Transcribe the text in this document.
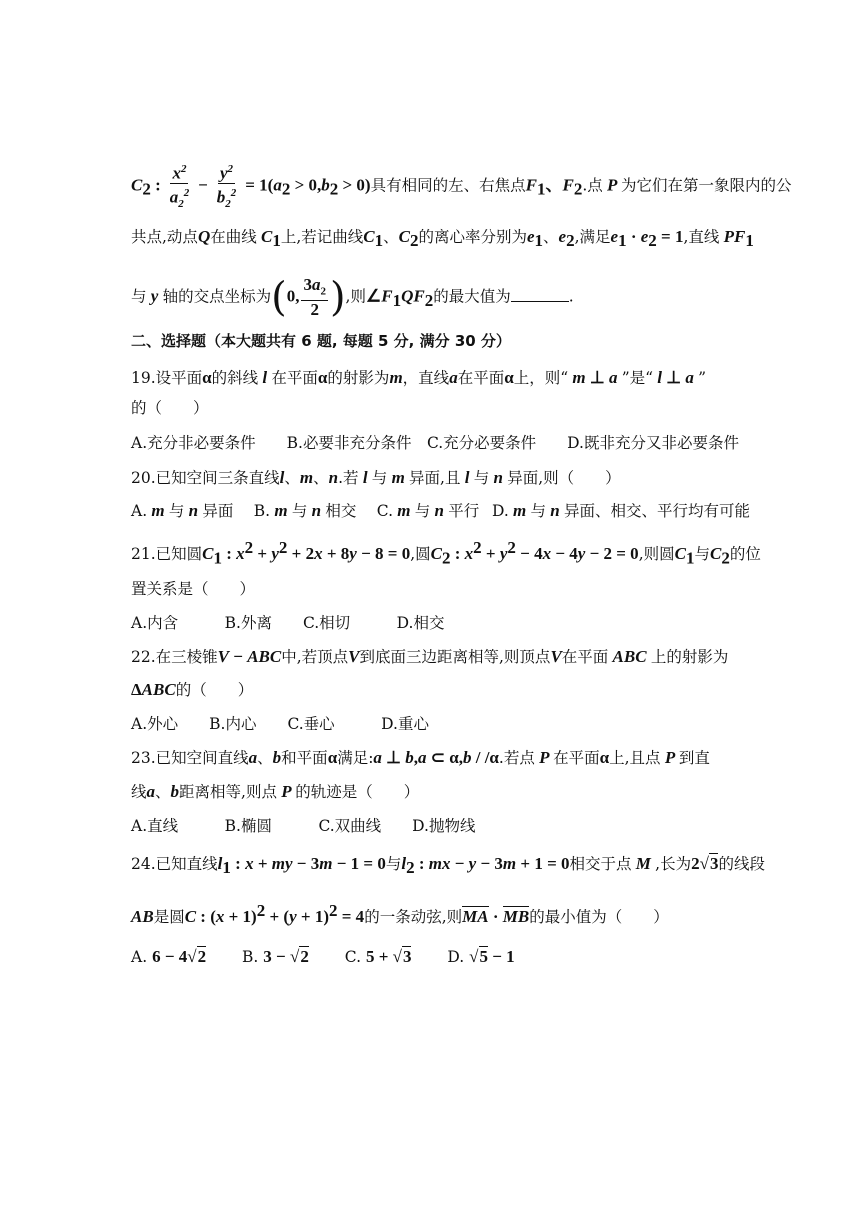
$C_2$ : $\frac{x^2}{a_2^2} - \frac{y^2}{b_2^2} = 1(a_2 > 0,b_2 > 0)$具有相同的左、右焦点$F_1$、$F_2$.点 P 为它们在第一象限内的公
共点,动点Q在曲线 $C_1$上,若记曲线$C_1$、$C_2$的离心率分别为$e_1$、$e_2$,满足$e_1 \cdot e_2 = 1$,直线 $PF_1$
与 y 轴的交点坐标为(0, $\frac{3a_2}{2}$ ),则$\angle F_1QF_2$的最大值为	.
二、选择题（本大题共有 6 题, 每题 5 分, 满分 30 分）
19.设平面α的斜线 l 在平面α的射影为m，直线a在平面α上，则“ m ⊥ a ”是“ l ⊥ a ”
的（　　）
A.充分非必要条件　　B.必要非充分条件　C.充分必要条件　　D.既非充分又非必要条件
20.已知空间三条直线l、m、n.若 l 与 m 异面,且 l 与 n 异面,则（　　）
A. m 与 n 异面  B. m 与 n 相交  C. m 与 n 平行  D. m 与 n 异面、相交、平行均有可能
21.已知圆$C_1$ : $x^2 + y^2 + 2x + 8y - 8 = 0$,圆$C_2$ : $x^2 + y^2 - 4x - 4y - 2 = 0$,则圆$C_1$与$C_2$的位
置关系是（　　）
A.内含　　　B.外离　　C.相切　　　D.相交
22.在三棱锥V − ABC中,若顶点V到底面三边距离相等,则顶点V在平面 ABC 上的射影为
ΔABC的（　　）
A.外心　　B.内心　　C.垂心　　　D.重心
23.已知空间直线a、b和平面α满足:a ⊥ b,a ⊂ α,b / /α.若点 P 在平面α上,且点 P 到直
线a、b距离相等,则点 P 的轨迹是（　　）
A.直线　　　B.椭圆　　　C.双曲线　　D.抛物线
24.已知直线$l_1$ : x + my − 3m − 1 = 0与$l_2$ : mx − y − 3m + 1 = 0相交于点 M ,长为2√3的线段
AB是圆C : $(x + 1)^2 + (y + 1)^2 = 4$的一条动弦,则MA · MB的最小值为（　　）
A. 6 − 4√2   B. 3 − √2   C. 5 + √3   D. √5 − 1
